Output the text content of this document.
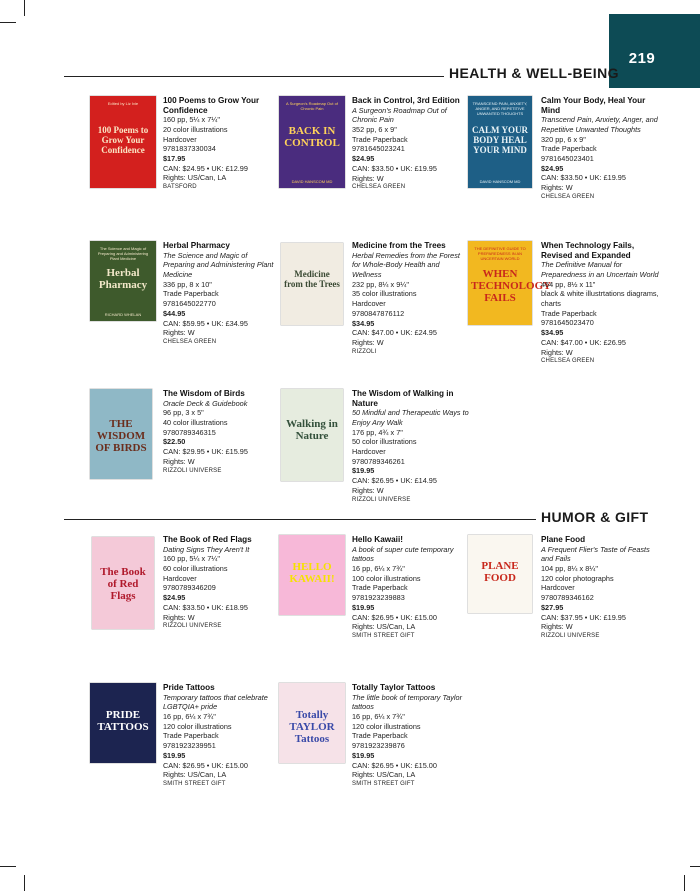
219
HEALTH & WELL-BEING
HUMOR & GIFT
Edited by Liz Ivie
100 Poems to Grow Your Confidence
100 Poems to Grow Your Confidence
160 pp, 5¼ x 7¼"
20 color illustrations
Hardcover
9781837330034
$17.95
CAN: $24.95 • UK: £12.99
Rights: US/Can, LA
BATSFORD
A Surgeon's Roadmap Out of Chronic Pain
BACK IN CONTROL
DAVID HANSCOM MD
Back in Control, 3rd Edition
A Surgeon's Roadmap Out of Chronic Pain
352 pp, 6 x 9"
Trade Paperback
9781645023241
$24.95
CAN: $33.50 • UK: £19.95
Rights: W
CHELSEA GREEN
TRANSCEND PAIN, ANXIETY, ANGER, AND REPETITIVE UNWANTED THOUGHTS
CALM YOUR BODY HEAL YOUR MIND
DAVID HANSCOM MD
Calm Your Body, Heal Your Mind
Transcend Pain, Anxiety, Anger, and Repetitive Unwanted Thoughts
320 pp, 6 x 9"
Trade Paperback
9781645023401
$24.95
CAN: $33.50 • UK: £19.95
Rights: W
CHELSEA GREEN
The Science and Magic of Preparing and Administering Plant Medicine
Herbal Pharmacy
RICHARD WHELAN
Herbal Pharmacy
The Science and Magic of Preparing and Administering Plant Medicine
336 pp, 8 x 10"
Trade Paperback
9781645022770
$44.95
CAN: $59.95 • UK: £34.95
Rights: W
CHELSEA GREEN
Medicine from the Trees
Medicine from the Trees
Herbal Remedies from the Forest for Whole-Body Health and Wellness
232 pp, 8¼ x 9¼"
35 color illustrations
Hardcover
9780847876112
$34.95
CAN: $47.00 • UK: £24.95
Rights: W
RIZZOLI
THE DEFINITIVE GUIDE TO PREPAREDNESS IN AN UNCERTAIN WORLD
WHEN TECHNOLOGY FAILS
When Technology Fails, Revised and Expanded
The Definitive Manual for Preparedness in an Uncertain World
464 pp, 8½ x 11"
black & white illustrtations diagrams, charts
Trade Paperback
9781645023470
$34.95
CAN: $47.00 • UK: £26.95
Rights: W
CHELSEA GREEN
THE WISDOM OF BIRDS
The Wisdom of Birds
Oracle Deck & Guidebook
96 pp, 3 x 5"
40 color illustrations
9780789346315
$22.50
CAN: $29.95 • UK: £15.95
Rights: W
RIZZOLI UNIVERSE
Walking in Nature
The Wisdom of Walking in Nature
50 Mindful and Therapeutic Ways to Enjoy Any Walk
176 pp, 4¾ x 7"
50 color illustrations
Hardcover
9780789346261
$19.95
CAN: $26.95 • UK: £14.95
Rights: W
RIZZOLI UNIVERSE
The Book of Red Flags
The Book of Red Flags
Dating Signs They Aren't It
160 pp, 5¼ x 7¼"
60 color illustrations
Hardcover
9780789346209
$24.95
CAN: $33.50 • UK: £18.95
Rights: W
RIZZOLI UNIVERSE
HELLO KAWAII!
Hello Kawaii!
A book of super cute temporary tattoos
16 pp, 6¼ x 7¾"
100 color illustrations
Trade Paperback
9781923239883
$19.95
CAN: $26.95 • UK: £15.00
Rights: US/Can, LA
SMITH STREET GIFT
PLANE FOOD
Plane Food
A Frequent Flier's Taste of Feasts and Fails
104 pp, 8¼ x 8¼"
120 color photographs
Hardcover
9780789346162
$27.95
CAN: $37.95 • UK: £19.95
Rights: W
RIZZOLI UNIVERSE
PRIDE TATTOOS
Pride Tattoos
Temporary tattoos that celebrate LGBTQIA+ pride
16 pp, 6¼ x 7¾"
120 color illustrations
Trade Paperback
9781923239951
$19.95
CAN: $26.95 • UK: £15.00
Rights: US/Can, LA
SMITH STREET GIFT
Totally TAYLOR Tattoos
Totally Taylor Tattoos
The little book of temporary Taylor tattoos
16 pp, 6¼ x 7¾"
120 color illustrations
Trade Paperback
9781923239876
$19.95
CAN: $26.95 • UK: £15.00
Rights: US/Can, LA
SMITH STREET GIFT
